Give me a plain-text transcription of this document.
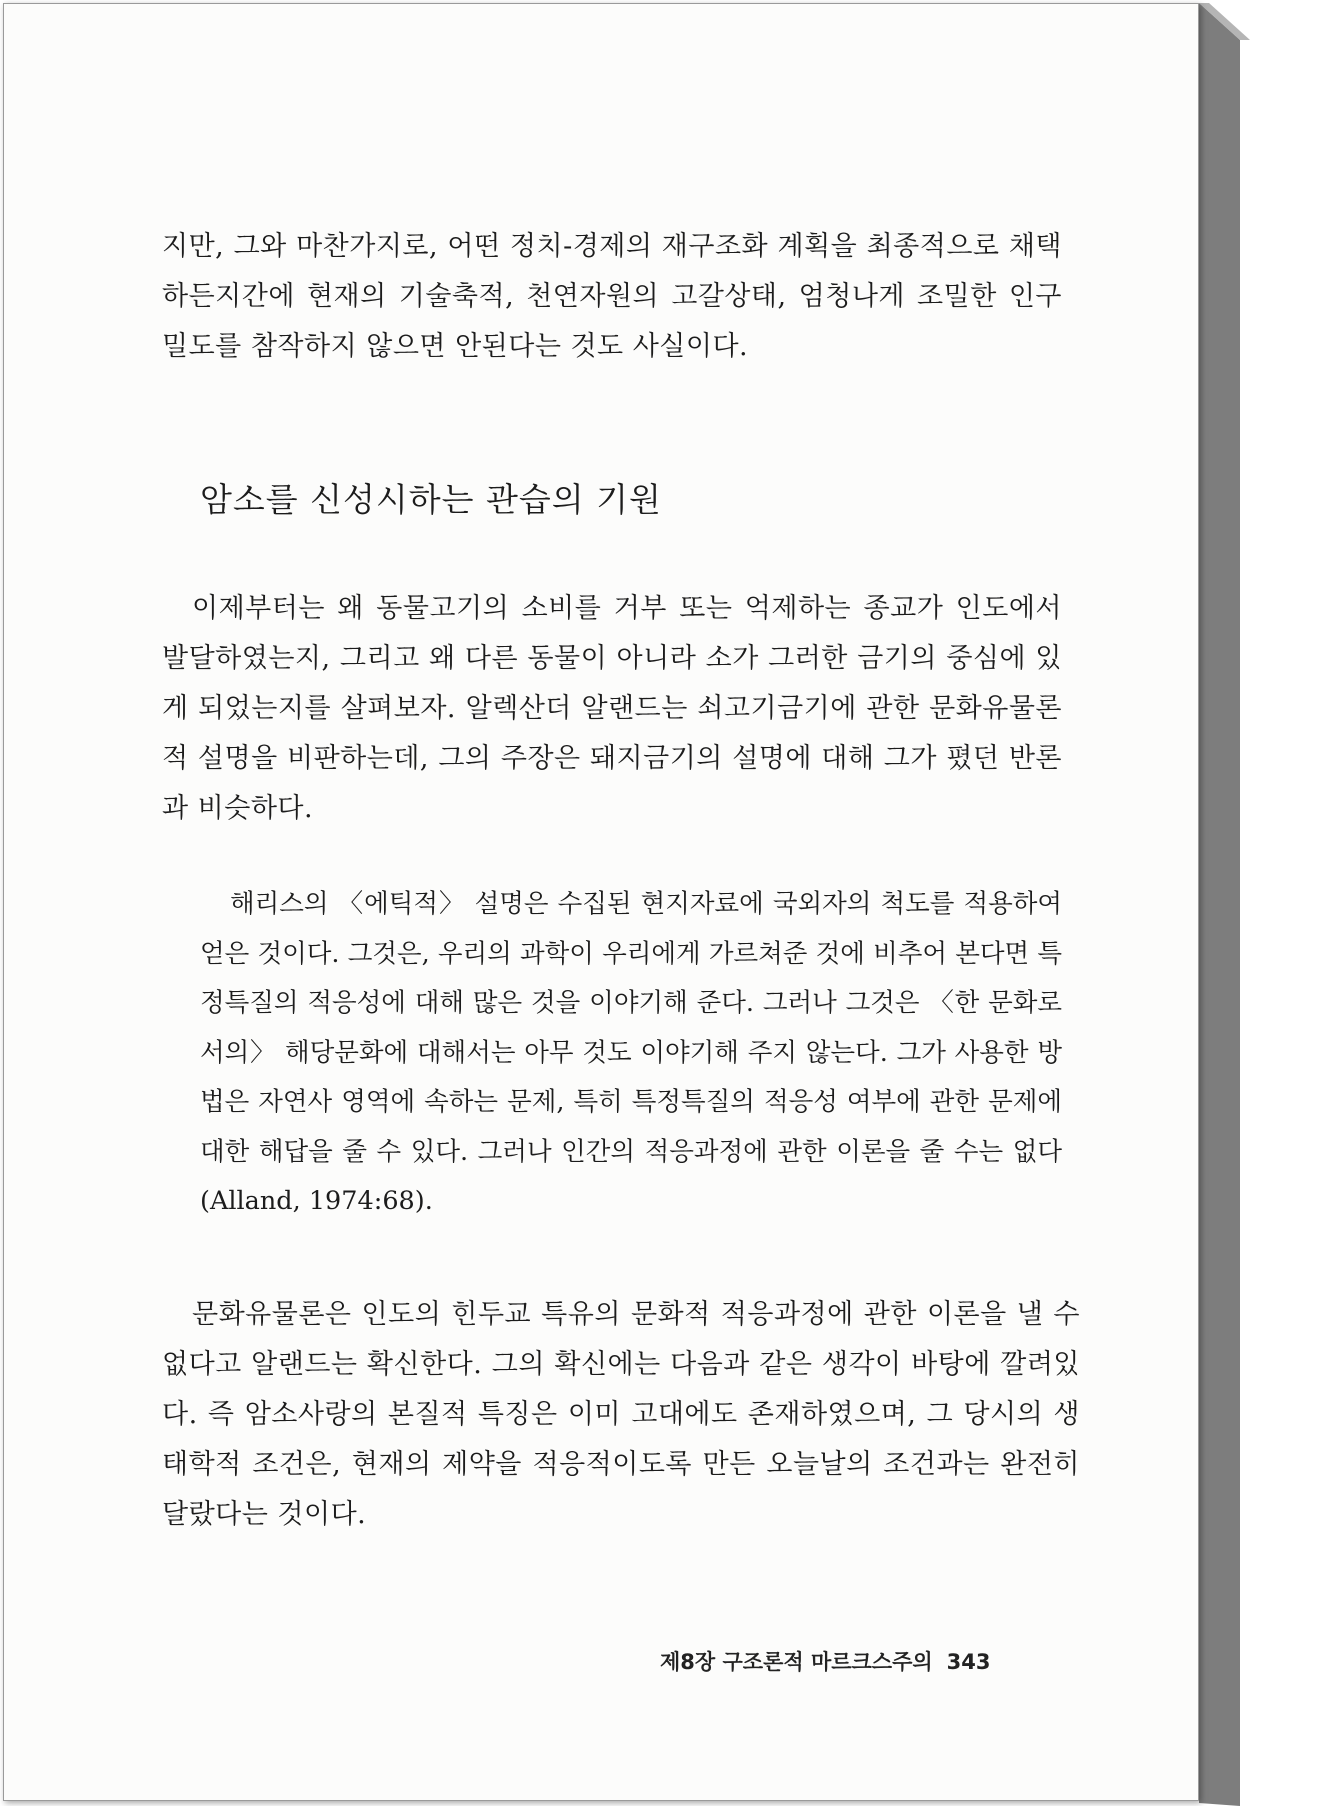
지만, 그와 마찬가지로, 어떤 정치-경제의 재구조화 계획을 최종적으로 채택하든지간에 현재의 기술축적, 천연자원의 고갈상태, 엄청나게 조밀한 인구밀도를 참작하지 않으면 안된다는 것도 사실이다.

암소를 신성시하는 관습의 기원

이제부터는 왜 동물고기의 소비를 거부 또는 억제하는 종교가 인도에서 발달하였는지, 그리고 왜 다른 동물이 아니라 소가 그러한 금기의 중심에 있게 되었는지를 살펴보자. 알렉산더 알랜드는 쇠고기금기에 관한 문화유물론적 설명을 비판하는데, 그의 주장은 돼지금기의 설명에 대해 그가 폈던 반론과 비슷하다.

해리스의 〈에틱적〉 설명은 수집된 현지자료에 국외자의 척도를 적용하여 얻은 것이다. 그것은, 우리의 과학이 우리에게 가르쳐준 것에 비추어 본다면 특정특질의 적응성에 대해 많은 것을 이야기해 준다. 그러나 그것은 〈한 문화로서의〉 해당문화에 대해서는 아무 것도 이야기해 주지 않는다. 그가 사용한 방법은 자연사 영역에 속하는 문제, 특히 특정특질의 적응성 여부에 관한 문제에 대한 해답을 줄 수 있다. 그러나 인간의 적응과정에 관한 이론을 줄 수는 없다(Alland, 1974:68).

문화유물론은 인도의 힌두교 특유의 문화적 적응과정에 관한 이론을 낼 수 없다고 알랜드는 확신한다. 그의 확신에는 다음과 같은 생각이 바탕에 깔려있다. 즉 암소사랑의 본질적 특징은 이미 고대에도 존재하였으며, 그 당시의 생태학적 조건은, 현재의 제약을 적응적이도록 만든 오늘날의 조건과는 완전히 달랐다는 것이다.

제8장 구조론적 마르크스주의 343
